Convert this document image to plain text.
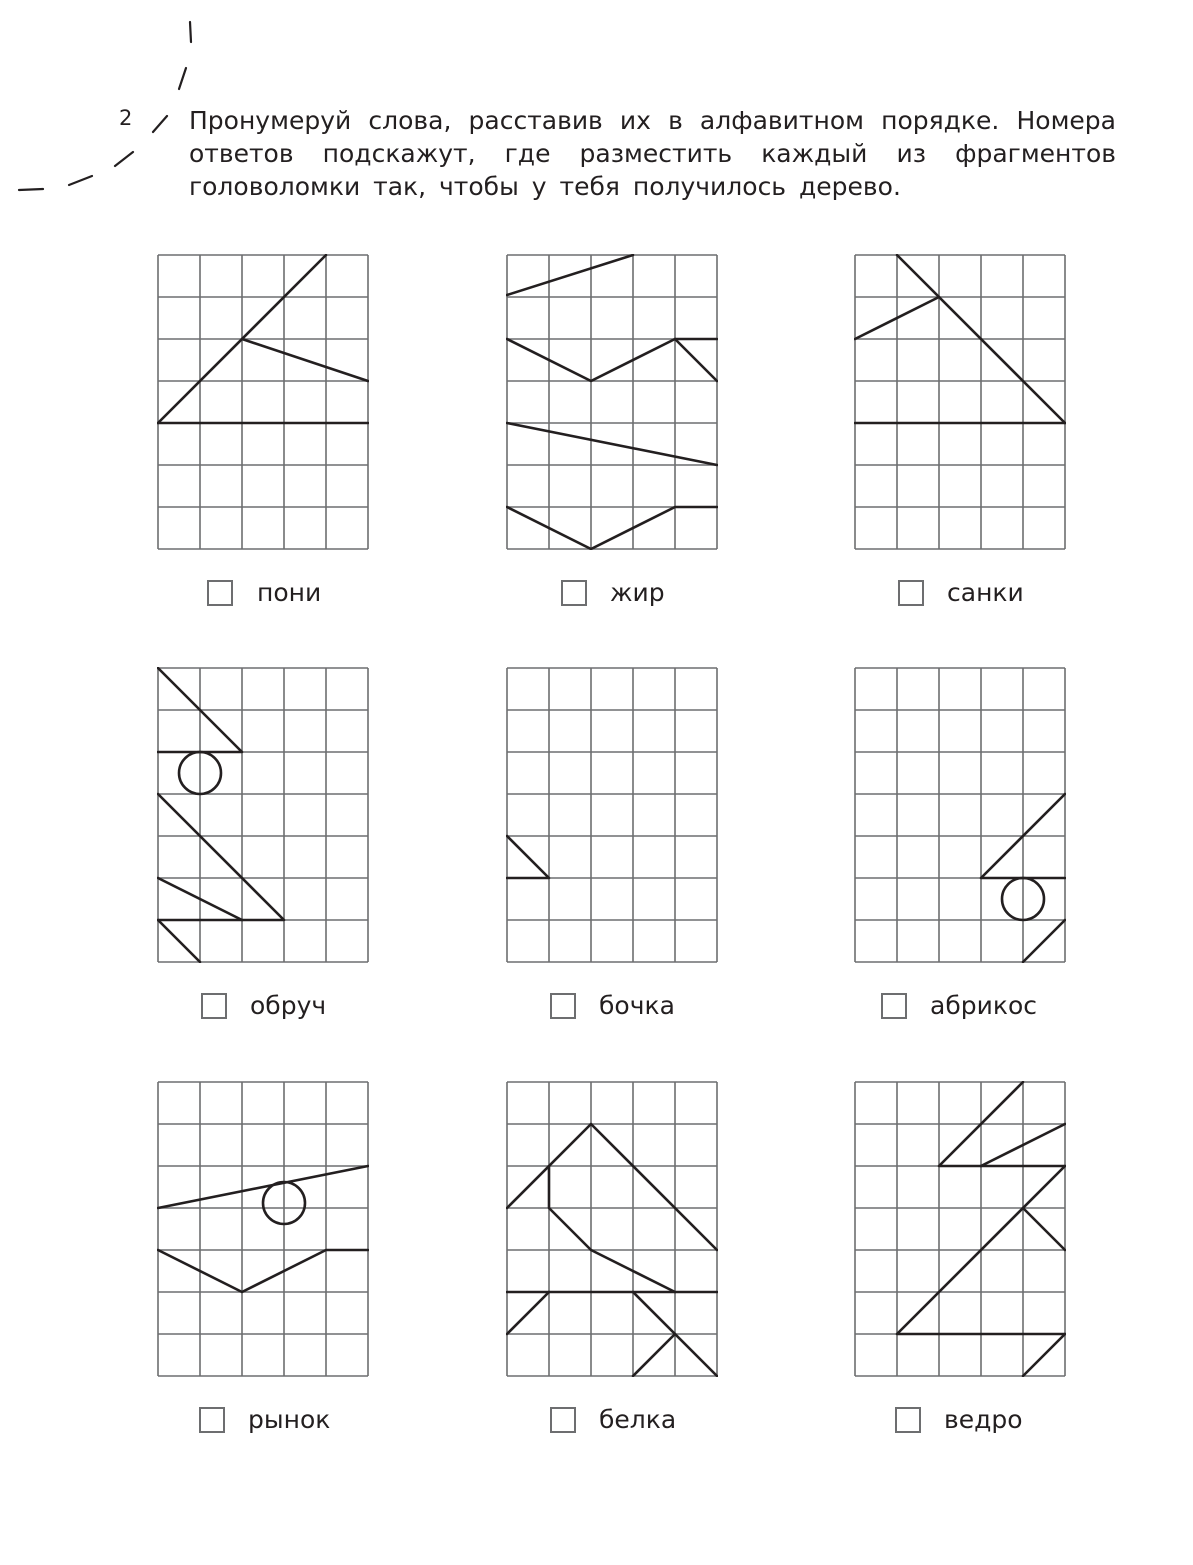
2 Пронумеруй слова, расставив их в алфавитном порядке. Номера
ответов подскажут, где разместить каждый из фрагментов
головоломки так, чтобы у тебя получилось дерево.

пони	жир	санки
обруч	бочка	абрикос
рынок	белка	ведро
